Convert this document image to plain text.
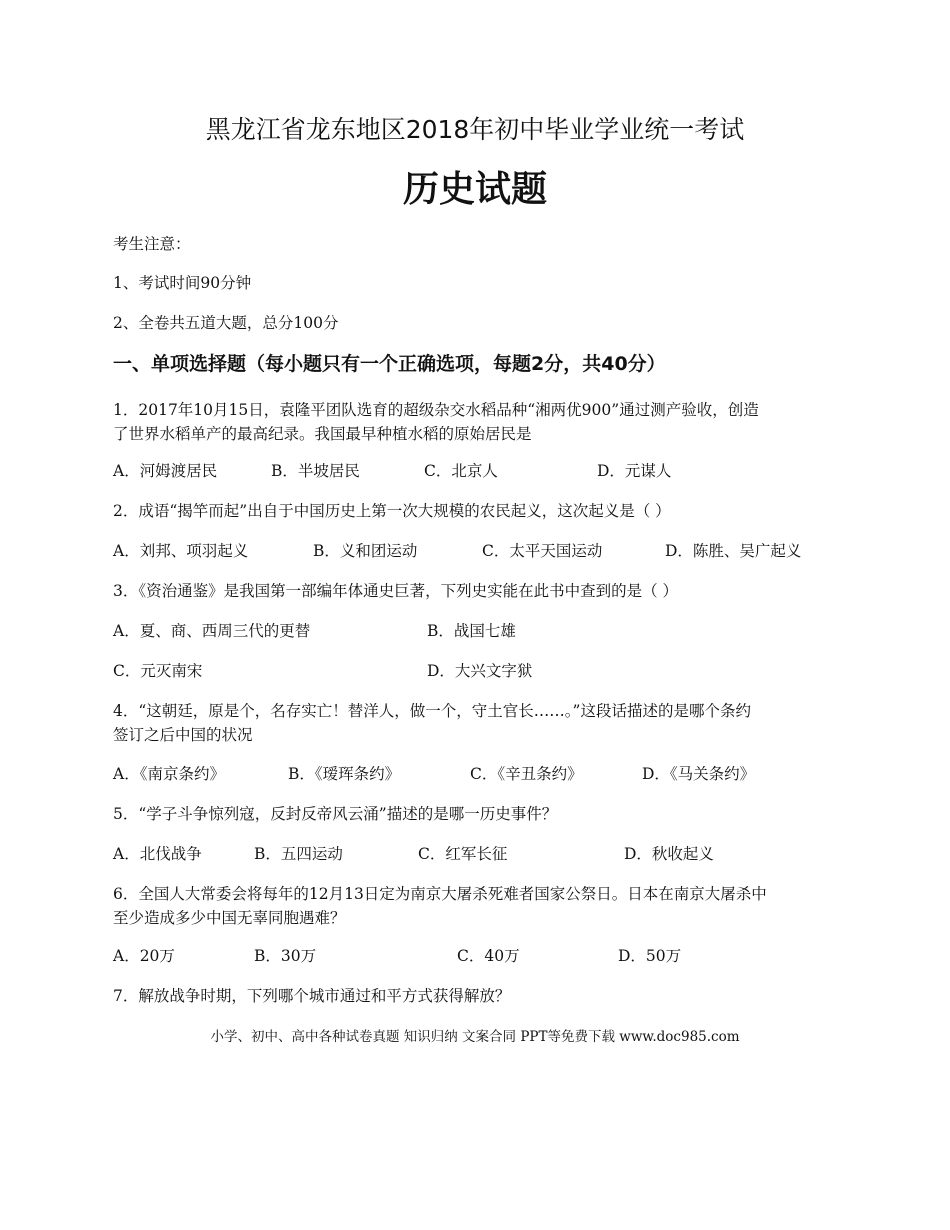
黑龙江省龙东地区2018年初中毕业学业统一考试
历史试题
考生注意：
1、考试时间90分钟
2、全卷共五道大题，总分100分
一、单项选择题（每小题只有一个正确选项，每题2分，共40分）
1．2017年10月15日，袁隆平团队选育的超级杂交水稻品种“湘两优900”通过测产验收，创造
了世界水稻单产的最高纪录。我国最早种植水稻的原始居民是
A．河姆渡居民	B．半坡居民	C．北京人	D．元谋人
2．成语“揭竿而起”出自于中国历史上第一次大规模的农民起义，这次起义是（ ）
A．刘邦、项羽起义	B．义和团运动	C．太平天国运动	D．陈胜、吴广起义
3．《资治通鉴》是我国第一部编年体通史巨著，下列史实能在此书中查到的是（ ）
A．夏、商、西周三代的更替	B．战国七雄
C．元灭南宋	D．大兴文字狱
4．“这朝廷，原是个，名存实亡！替洋人，做一个，守土官长……。”这段话描述的是哪个条约
签订之后中国的状况
A．《南京条约》	B．《瑷珲条约》	C．《辛丑条约》	D．《马关条约》
5．“学子斗争惊列寇，反封反帝风云涌”描述的是哪一历史事件？
A．北伐战争	B．五四运动	C．红军长征	D．秋收起义
6．全国人大常委会将每年的12月13日定为南京大屠杀死难者国家公祭日。日本在南京大屠杀中
至少造成多少中国无辜同胞遇难？
A．20万	B．30万	C．40万	D．50万
7．解放战争时期，下列哪个城市通过和平方式获得解放？
小学、初中、高中各种试卷真题 知识归纳 文案合同 PPT等免费下载 www.doc985.com
